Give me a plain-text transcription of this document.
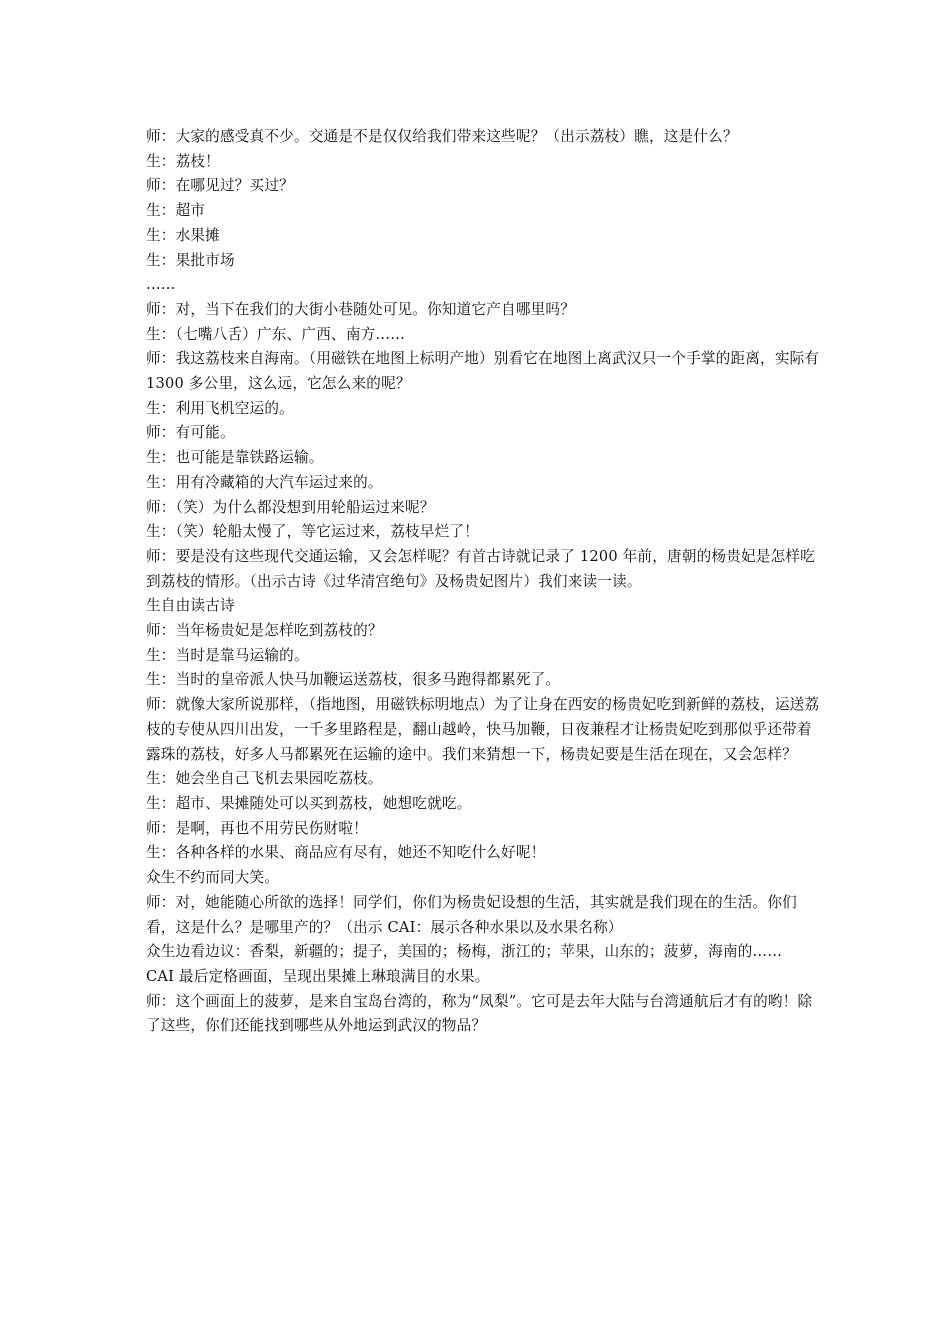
师：大家的感受真不少。交通是不是仅仅给我们带来这些呢？（出示荔枝）瞧，这是什么？

生：荔枝！

师：在哪见过？买过？

生：超市

生：水果摊

生：果批市场

……

师：对，当下在我们的大街小巷随处可见。你知道它产自哪里吗？

生：（七嘴八舌）广东、广西、南方……

师：我这荔枝来自海南。（用磁铁在地图上标明产地）别看它在地图上离武汉只一个手掌的距离，实际有 1300 多公里，这么远，它怎么来的呢？

生：利用飞机空运的。

师：有可能。

生：也可能是靠铁路运输。

生：用有冷藏箱的大汽车运过来的。

师：（笑）为什么都没想到用轮船运过来呢？

生：（笑）轮船太慢了，等它运过来，荔枝早烂了！

师：要是没有这些现代交通运输，又会怎样呢？有首古诗就记录了 1200 年前，唐朝的杨贵妃是怎样吃到荔枝的情形。（出示古诗《过华清宫绝句》及杨贵妃图片）我们来读一读。

生自由读古诗

师：当年杨贵妃是怎样吃到荔枝的？

生：当时是靠马运输的。

生：当时的皇帝派人快马加鞭运送荔枝，很多马跑得都累死了。

师：就像大家所说那样，（指地图，用磁铁标明地点）为了让身在西安的杨贵妃吃到新鲜的荔枝，运送荔枝的专使从四川出发，一千多里路程是，翻山越岭，快马加鞭，日夜兼程才让杨贵妃吃到那似乎还带着露珠的荔枝，好多人马都累死在运输的途中。我们来猜想一下，杨贵妃要是生活在现在，又会怎样？

生：她会坐自己飞机去果园吃荔枝。

生：超市、果摊随处可以买到荔枝，她想吃就吃。

师：是啊，再也不用劳民伤财啦！

生：各种各样的水果、商品应有尽有，她还不知吃什么好呢！

众生不约而同大笑。

师：对，她能随心所欲的选择！同学们，你们为杨贵妃设想的生活，其实就是我们现在的生活。你们看，这是什么？是哪里产的？（出示 CAI：展示各种水果以及水果名称）

众生边看边议：香梨，新疆的；提子，美国的；杨梅，浙江的；苹果，山东的；菠萝，海南的……

CAI 最后定格画面，呈现出果摊上琳琅满目的水果。

师：这个画面上的菠萝，是来自宝岛台湾的，称为“凤梨”。它可是去年大陆与台湾通航后才有的哟！除了这些，你们还能找到哪些从外地运到武汉的物品？
